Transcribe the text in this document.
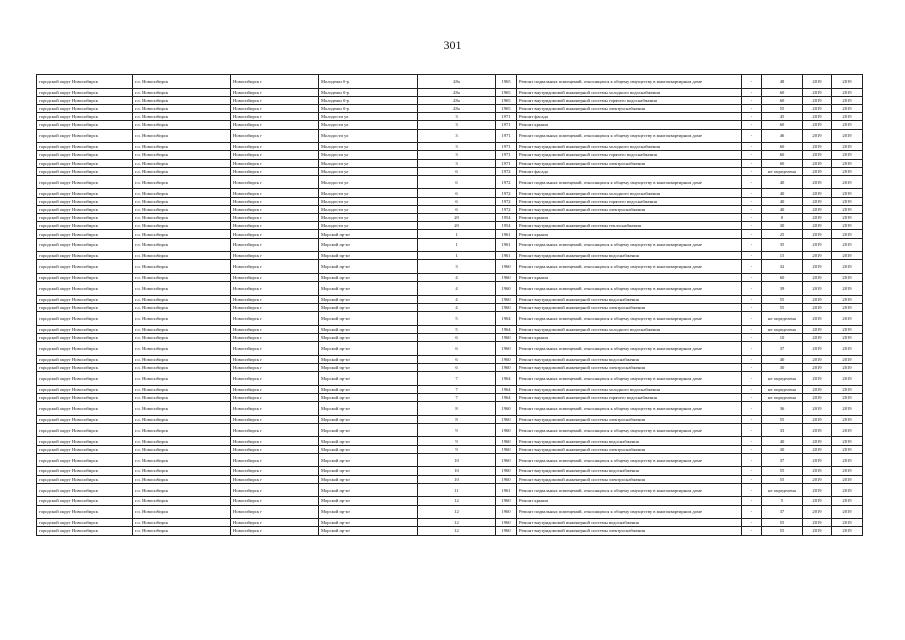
301
городской округ Новосибирск	г.о. Новосибирск	Новосибирск г	Молодежи б-р	28а	1965	Ремонт подвальных помещений, относящихся к общему имуществу в многоквартирном доме	-	48	2019	2019
городской округ Новосибирск	г.о. Новосибирск	Новосибирск г	Молодежи б-р	28а	1965	Ремонт внутридомовой инженерной системы холодного водоснабжения	-	60	2019	2019
городской округ Новосибирск	г.о. Новосибирск	Новосибирск г	Молодежи б-р	28а	1965	Ремонт внутридомовой инженерной системы горячего водоснабжения	-	60	2019	2019
городской округ Новосибирск	г.о. Новосибирск	Новосибирск г	Молодежи б-р	28а	1965	Ремонт внутридомовой инженерной системы электроснабжения	-	55	2019	2019
городской округ Новосибирск	г.о. Новосибирск	Новосибирск г	Молодости ул	3	1971	Ремонт фасада	-	45	2019	2019
городской округ Новосибирск	г.о. Новосибирск	Новосибирск г	Молодости ул	3	1971	Ремонт крыши	-	60	2019	2019
городской округ Новосибирск	г.о. Новосибирск	Новосибирск г	Молодости ул	3	1971	Ремонт подвальных помещений, относящихся к общему имуществу в многоквартирном доме	-	46	2019	2019
городской округ Новосибирск	г.о. Новосибирск	Новосибирск г	Молодости ул	3	1971	Ремонт внутридомовой инженерной системы холодного водоснабжения	-	60	2019	2019
городской округ Новосибирск	г.о. Новосибирск	Новосибирск г	Молодости ул	3	1971	Ремонт внутридомовой инженерной системы горячего водоснабжения	-	60	2019	2019
городской округ Новосибирск	г.о. Новосибирск	Новосибирск г	Молодости ул	3	1971	Ремонт внутридомовой инженерной системы электроснабжения	-	60	2019	2019
городской округ Новосибирск	г.о. Новосибирск	Новосибирск г	Молодости ул	6	1972	Ремонт фасада	-	не определена	2019	2019
городской округ Новосибирск	г.о. Новосибирск	Новосибирск г	Молодости ул	6	1972	Ремонт подвальных помещений, относящихся к общему имуществу в многоквартирном доме	-	40	2019	2019
городской округ Новосибирск	г.о. Новосибирск	Новосибирск г	Молодости ул	6	1972	Ремонт внутридомовой инженерной системы холодного водоснабжения	-	40	2019	2019
городской округ Новосибирск	г.о. Новосибирск	Новосибирск г	Молодости ул	6	1972	Ремонт внутридомовой инженерной системы горячего водоснабжения	-	40	2019	2019
городской округ Новосибирск	г.о. Новосибирск	Новосибирск г	Молодости ул	6	1972	Ремонт внутридомовой инженерной системы электроснабжения	-	40	2019	2019
городской округ Новосибирск	г.о. Новосибирск	Новосибирск г	Молодости ул	20	1954	Ремонт крыши	-	0	2019	2019
городской округ Новосибирск	г.о. Новосибирск	Новосибирск г	Молодости ул	20	1954	Ремонт внутридомовой инженерной системы теплоснабжения	-	30	2019	2019
городской округ Новосибирск	г.о. Новосибирск	Новосибирск г	Морской пр-кт	1	1961	Ремонт крыши	-	25	2019	2019
городской округ Новосибирск	г.о. Новосибирск	Новосибирск г	Морской пр-кт	1	1961	Ремонт подвальных помещений, относящихся к общему имуществу в многоквартирном доме	-	35	2019	2019
городской округ Новосибирск	г.о. Новосибирск	Новосибирск г	Морской пр-кт	1	1961	Ремонт внутридомовой инженерной системы водоснабжения	-	15	2019	2019
городской округ Новосибирск	г.о. Новосибирск	Новосибирск г	Морской пр-кт	3	1960	Ремонт подвальных помещений, относящихся к общему имуществу в многоквартирном доме	-	32	2019	2019
городской округ Новосибирск	г.о. Новосибирск	Новосибирск г	Морской пр-кт	4	1960	Ремонт крыши	-	60	2019	2019
городской округ Новосибирск	г.о. Новосибирск	Новосибирск г	Морской пр-кт	4	1960	Ремонт подвальных помещений, относящихся к общему имуществу в многоквартирном доме	-	39	2019	2019
городской округ Новосибирск	г.о. Новосибирск	Новосибирск г	Морской пр-кт	4	1960	Ремонт внутридомовой инженерной системы водоснабжения	-	55	2019	2019
городской округ Новосибирск	г.о. Новосибирск	Новосибирск г	Морской пр-кт	4	1960	Ремонт внутридомовой инженерной системы электроснабжения	-	55	2019	2019
городской округ Новосибирск	г.о. Новосибирск	Новосибирск г	Морской пр-кт	5	1964	Ремонт подвальных помещений, относящихся к общему имуществу в многоквартирном доме	-	не определена	2019	2019
городской округ Новосибирск	г.о. Новосибирск	Новосибирск г	Морской пр-кт	5	1964	Ремонт внутридомовой инженерной системы холодного водоснабжения	-	не определена	2019	2019
городской округ Новосибирск	г.о. Новосибирск	Новосибирск г	Морской пр-кт	6	1960	Ремонт крыши	-	10	2019	2019
городской округ Новосибирск	г.о. Новосибирск	Новосибирск г	Морской пр-кт	6	1960	Ремонт подвальных помещений, относящихся к общему имуществу в многоквартирном доме	-	37	2019	2019
городской округ Новосибирск	г.о. Новосибирск	Новосибирск г	Морской пр-кт	6	1960	Ремонт внутридомовой инженерной системы водоснабжения	-	40	2019	2019
городской округ Новосибирск	г.о. Новосибирск	Новосибирск г	Морской пр-кт	6	1960	Ремонт внутридомовой инженерной системы электроснабжения	-	30	2019	2019
городской округ Новосибирск	г.о. Новосибирск	Новосибирск г	Морской пр-кт	7	1964	Ремонт подвальных помещений, относящихся к общему имуществу в многоквартирном доме	-	не определена	2019	2019
городской округ Новосибирск	г.о. Новосибирск	Новосибирск г	Морской пр-кт	7	1964	Ремонт внутридомовой инженерной системы холодного водоснабжения	-	не определена	2019	2019
городской округ Новосибирск	г.о. Новосибирск	Новосибирск г	Морской пр-кт	7	1964	Ремонт внутридомовой инженерной системы горячего водоснабжения	-	не определена	2019	2019
городской округ Новосибирск	г.о. Новосибирск	Новосибирск г	Морской пр-кт	8	1960	Ремонт подвальных помещений, относящихся к общему имуществу в многоквартирном доме	-	36	2019	2019
городской округ Новосибирск	г.о. Новосибирск	Новосибирск г	Морской пр-кт	8	1960	Ремонт внутридомовой инженерной системы электроснабжения	-	55	2019	2019
городской округ Новосибирск	г.о. Новосибирск	Новосибирск г	Морской пр-кт	9	1960	Ремонт подвальных помещений, относящихся к общему имуществу в многоквартирном доме	-	33	2019	2019
городской округ Новосибирск	г.о. Новосибирск	Новосибирск г	Морской пр-кт	9	1960	Ремонт внутридомовой инженерной системы водоснабжения	-	40	2019	2019
городской округ Новосибирск	г.о. Новосибирск	Новосибирск г	Морской пр-кт	9	1960	Ремонт внутридомовой инженерной системы электроснабжения	-	30	2019	2019
городской округ Новосибирск	г.о. Новосибирск	Новосибирск г	Морской пр-кт	10	1960	Ремонт подвальных помещений, относящихся к общему имуществу в многоквартирном доме	-	37	2019	2019
городской округ Новосибирск	г.о. Новосибирск	Новосибирск г	Морской пр-кт	10	1960	Ремонт внутридомовой инженерной системы водоснабжения	-	55	2019	2019
городской округ Новосибирск	г.о. Новосибирск	Новосибирск г	Морской пр-кт	10	1960	Ремонт внутридомовой инженерной системы электроснабжения	-	55	2019	2019
городской округ Новосибирск	г.о. Новосибирск	Новосибирск г	Морской пр-кт	11	1961	Ремонт подвальных помещений, относящихся к общему имуществу в многоквартирном доме	-	не определена	2019	2019
городской округ Новосибирск	г.о. Новосибирск	Новосибирск г	Морской пр-кт	12	1960	Ремонт крыши	-	5	2019	2019
городской округ Новосибирск	г.о. Новосибирск	Новосибирск г	Морской пр-кт	12	1960	Ремонт подвальных помещений, относящихся к общему имуществу в многоквартирном доме	-	37	2019	2019
городской округ Новосибирск	г.о. Новосибирск	Новосибирск г	Морской пр-кт	12	1960	Ремонт внутридомовой инженерной системы водоснабжения	-	55	2019	2019
городской округ Новосибирск	г.о. Новосибирск	Новосибирск г	Морской пр-кт	12	1960	Ремонт внутридомовой инженерной системы электроснабжения	-	55	2019	2019
